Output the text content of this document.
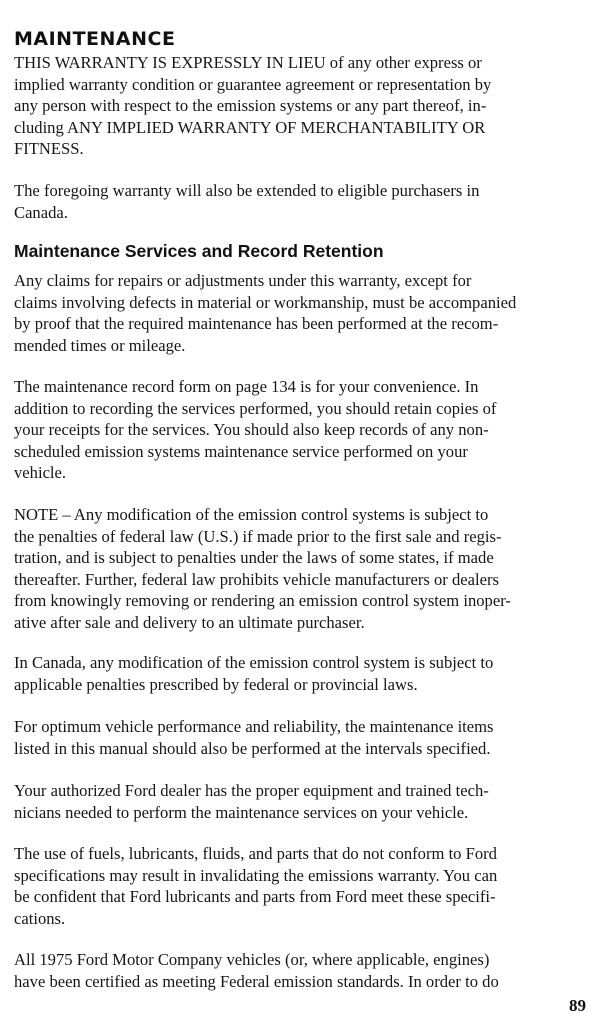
MAINTENANCE

THIS WARRANTY IS EXPRESSLY IN LIEU of any other express or
implied warranty condition or guarantee agreement or representation by
any person with respect to the emission systems or any part thereof, in-
cluding ANY IMPLIED WARRANTY OF MERCHANTABILITY OR
FITNESS.

The foregoing warranty will also be extended to eligible purchasers in
Canada.

Maintenance Services and Record Retention

Any claims for repairs or adjustments under this warranty, except for
claims involving defects in material or workmanship, must be accompanied
by proof that the required maintenance has been performed at the recom-
mended times or mileage.

The maintenance record form on page 134 is for your convenience. In
addition to recording the services performed, you should retain copies of
your receipts for the services. You should also keep records of any non-
scheduled emission systems maintenance service performed on your
vehicle.

NOTE – Any modification of the emission control systems is subject to
the penalties of federal law (U.S.) if made prior to the first sale and regis-
tration, and is subject to penalties under the laws of some states, if made
thereafter. Further, federal law prohibits vehicle manufacturers or dealers
from knowingly removing or rendering an emission control system inoper-
ative after sale and delivery to an ultimate purchaser.

In Canada, any modification of the emission control system is subject to
applicable penalties prescribed by federal or provincial laws.

For optimum vehicle performance and reliability, the maintenance items
listed in this manual should also be performed at the intervals specified.

Your authorized Ford dealer has the proper equipment and trained tech-
nicians needed to perform the maintenance services on your vehicle.

The use of fuels, lubricants, fluids, and parts that do not conform to Ford
specifications may result in invalidating the emissions warranty. You can
be confident that Ford lubricants and parts from Ford meet these specifi-
cations.

All 1975 Ford Motor Company vehicles (or, where applicable, engines)
have been certified as meeting Federal emission standards. In order to do

89
